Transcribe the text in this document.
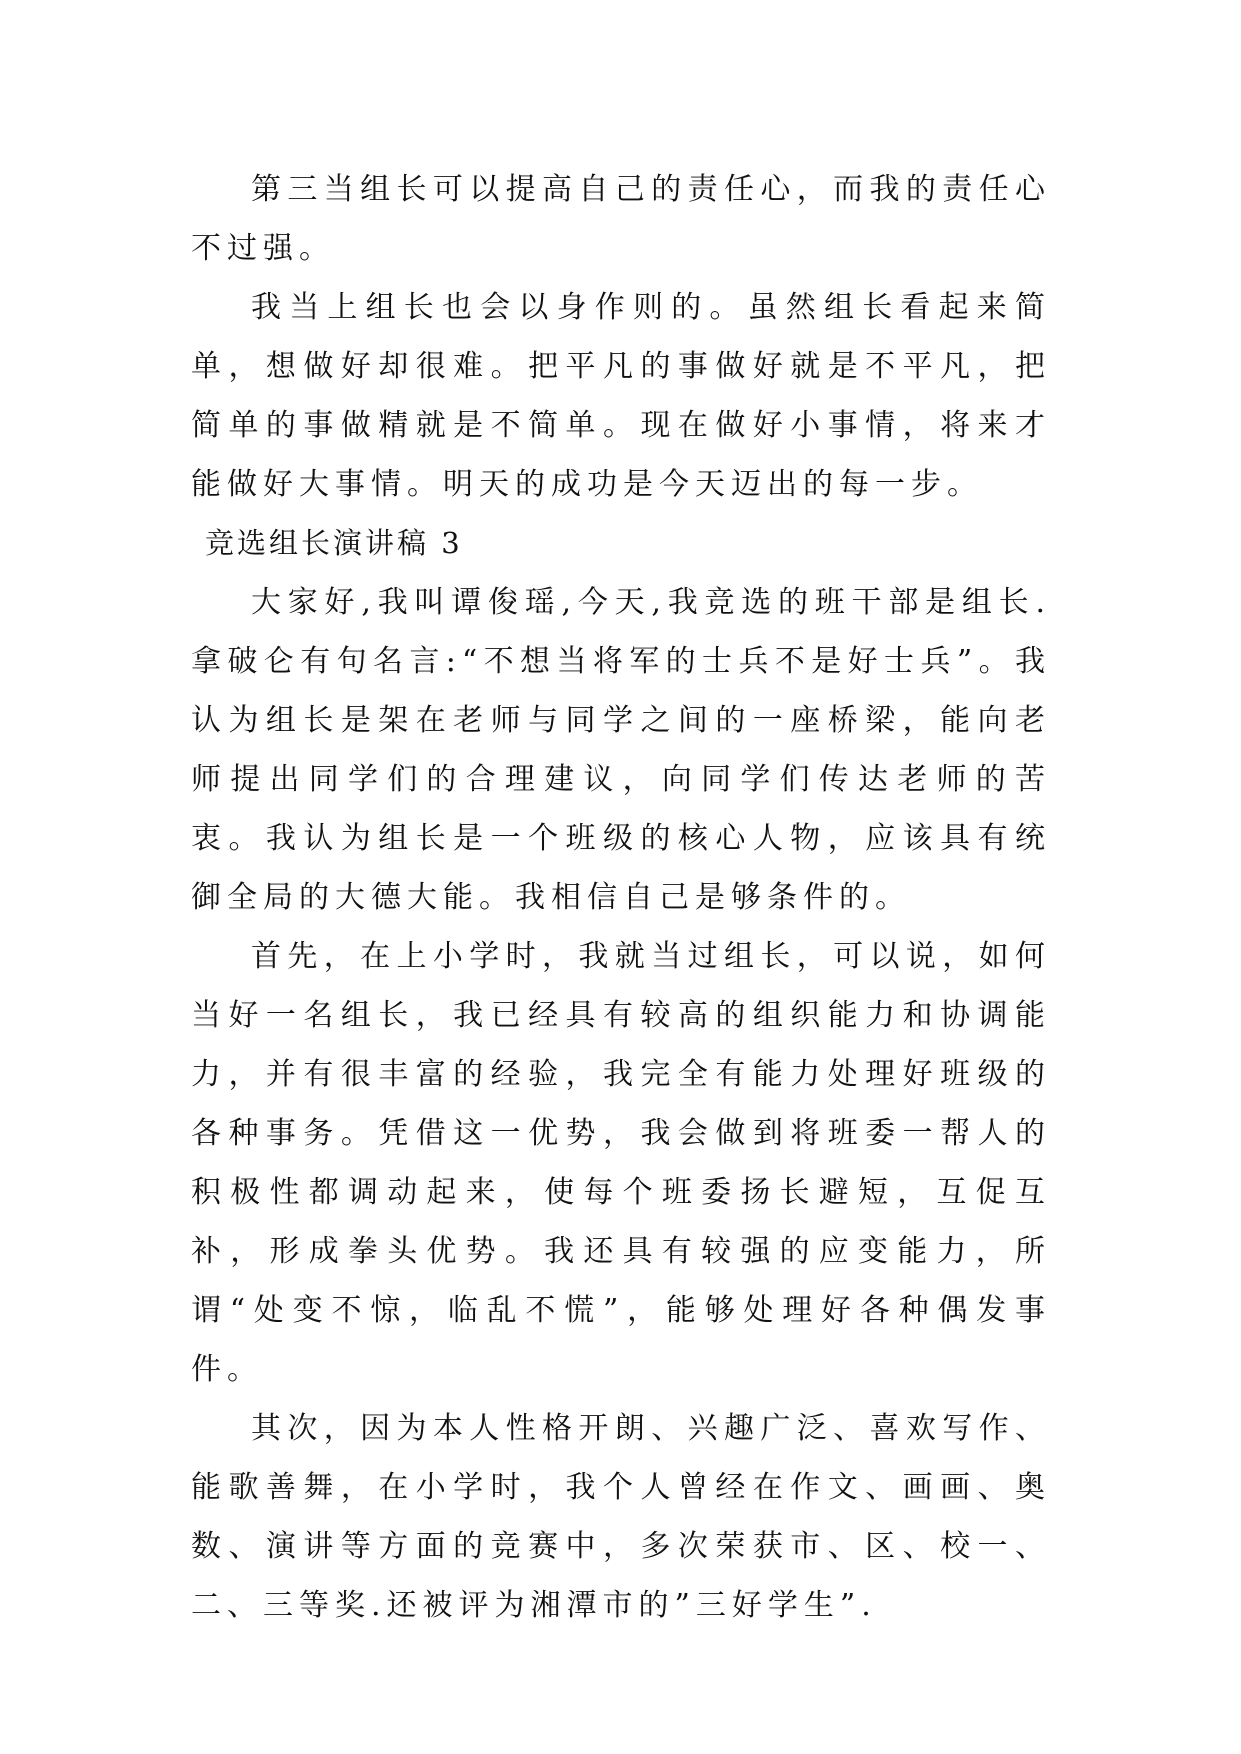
第三当组长可以提高自己的责任心，而我的责任心不过强。

我当上组长也会以身作则的。虽然组长看起来简单，想做好却很难。把平凡的事做好就是不平凡，把简单的事做精就是不简单。现在做好小事情，将来才能做好大事情。明天的成功是今天迈出的每一步。

竞选组长演讲稿 3

大家好,我叫谭俊瑶,今天,我竞选的班干部是组长. 拿破仑有句名言:“不想当将军的士兵不是好士兵”。我认为组长是架在老师与同学之间的一座桥梁，能向老师提出同学们的合理建议，向同学们传达老师的苦衷。我认为组长是一个班级的核心人物，应该具有统御全局的大德大能。我相信自己是够条件的。

首先，在上小学时，我就当过组长，可以说，如何当好一名组长，我已经具有较高的组织能力和协调能力，并有很丰富的经验，我完全有能力处理好班级的各种事务。凭借这一优势，我会做到将班委一帮人的积极性都调动起来，使每个班委扬长避短，互促互补，形成拳头优势。我还具有较强的应变能力，所谓“处变不惊，临乱不慌”，能够处理好各种偶发事件。

其次，因为本人性格开朗、兴趣广泛、喜欢写作、能歌善舞，在小学时，我个人曾经在作文、画画、奥数、演讲等方面的竞赛中，多次荣获市、区、校一、二、三等奖.还被评为湘潭市的”三好学生”.
